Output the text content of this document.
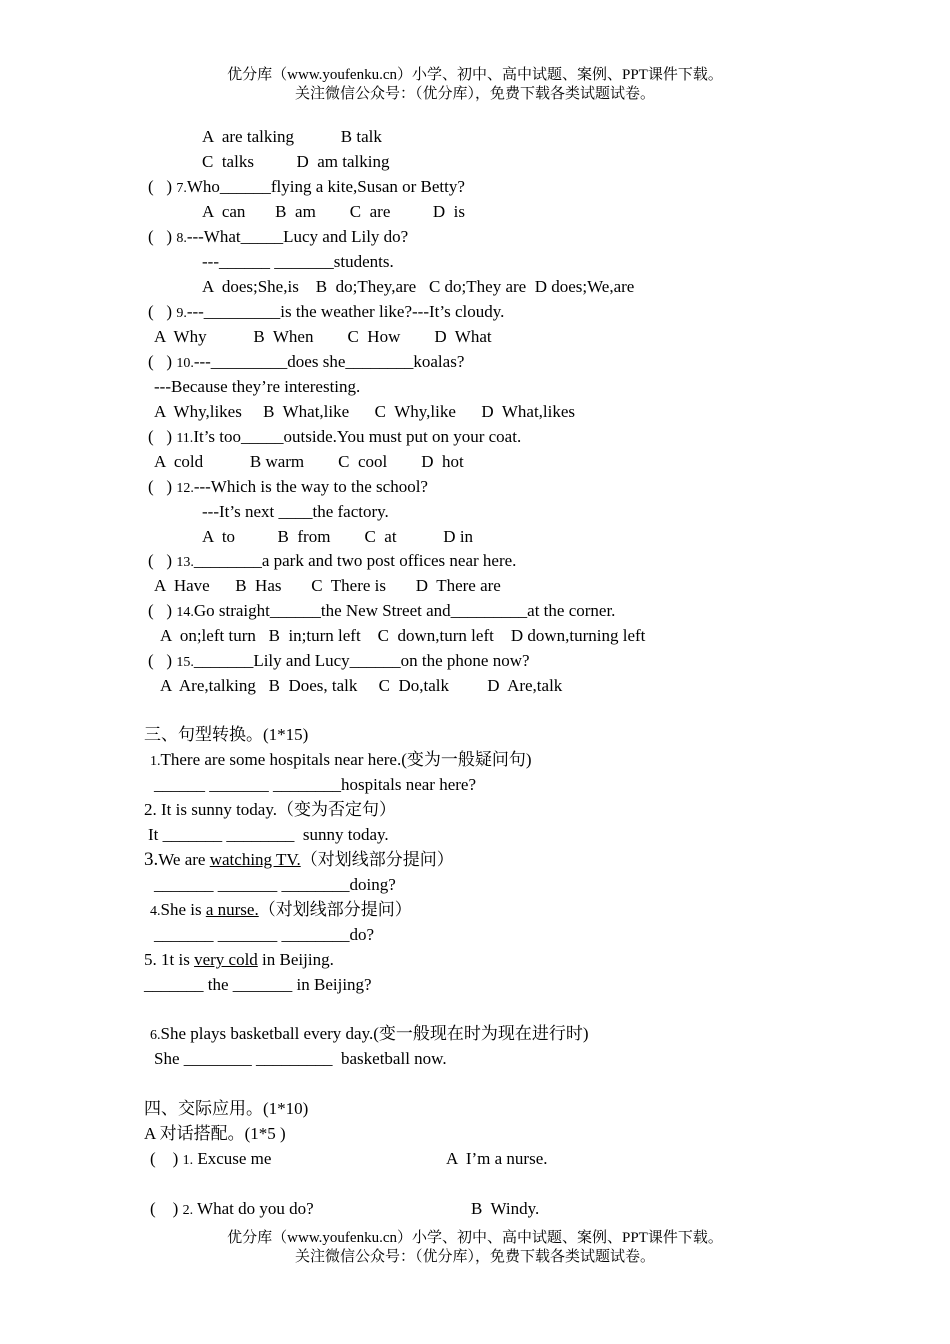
优分库（www.youfenku.cn）小学、初中、高中试题、案例、PPT课件下载。
关注微信公众号：（优分库），免费下载各类试题试卷。
A  are talking           B talk
C  talks          D  am talking
(   ) 7.Who______flying a kite,Susan or Betty?
A  can       B  am        C  are          D  is
(   ) 8.---What_____Lucy and Lily do?
---______ _______students.
A  does;She,is    B  do;They,are   C do;They are  D does;We,are
(   ) 9.---_________is the weather like?---It’s cloudy.
A  Why           B  When        C  How        D  What
(   ) 10.---_________does she________koalas?
---Because they’re interesting.
A  Why,likes     B  What,like      C  Why,like      D  What,likes
(   ) 11.It’s too_____outside.You must put on your coat.
A  cold           B warm        C  cool        D  hot
(   ) 12.---Which is the way to the school?
---It’s next ____the factory.
A  to          B  from        C  at           D in
(   ) 13.________a park and two post offices near here.
A  Have      B  Has       C  There is       D  There are
(   ) 14.Go straight______the New Street and_________at the corner.
A  on;left turn   B  in;turn left    C  down,turn left    D down,turning left
(   ) 15._______Lily and Lucy______on the phone now?
A  Are,talking   B  Does, talk     C  Do,talk         D  Are,talk
三、句型转换。(1*15)
1.There are some hospitals near here.(变为一般疑问句)
______ _______ ________hospitals near here?
2. It is sunny today.（变为否定句）
It _______ ________  sunny today.
3.We are watching TV.（对划线部分提问）
_______ _______ ________doing?
4.She is a nurse.（对划线部分提问）
_______ _______ ________do?
5. 1t is very cold in Beijing.
_______ the _______ in Beijing?
6.She plays basketball every day.(变一般现在时为现在进行时)
She ________ _________  basketball now.
四、交际应用。(1*10)
A 对话搭配。(1*5 )
(    ) 1. Excuse me	A  I’m a nurse.
(    ) 2. What do you do?	B  Windy.
优分库（www.youfenku.cn）小学、初中、高中试题、案例、PPT课件下载。
关注微信公众号：（优分库），免费下载各类试题试卷。
